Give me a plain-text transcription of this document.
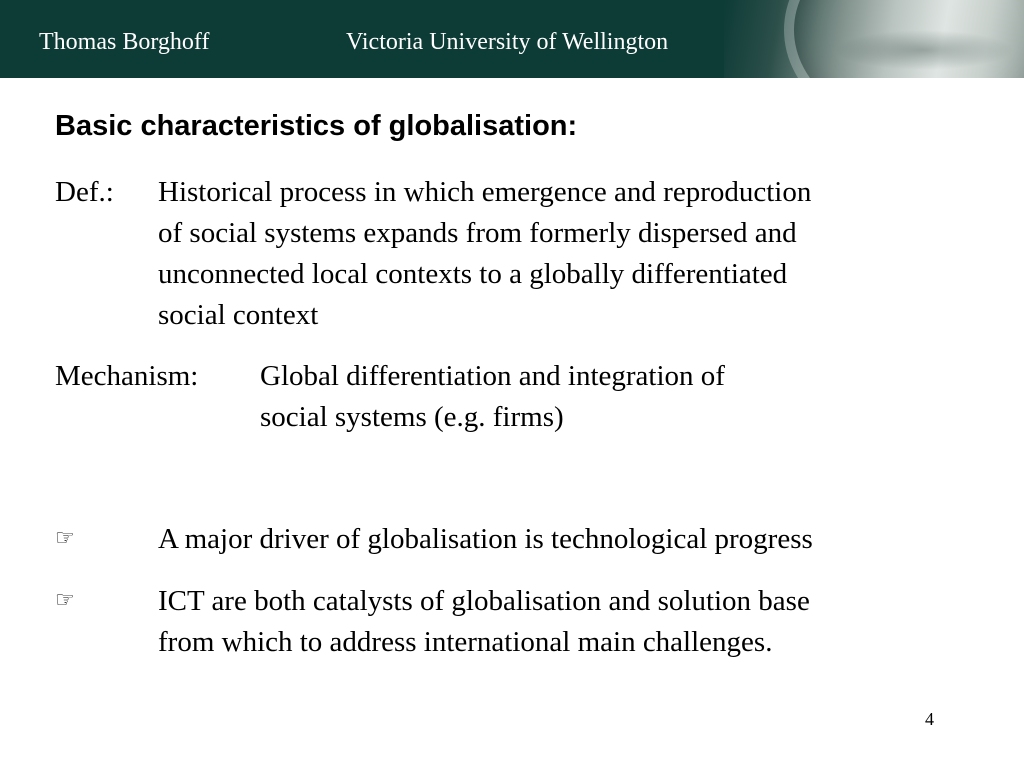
Thomas Borghoff	Victoria University of Wellington
Basic characteristics of globalisation:
Def.: Historical process in which emergence and reproduction
of social systems expands from formerly dispersed and
unconnected local contexts to a globally differentiated
social context
Mechanism: Global differentiation and integration of
social systems (e.g. firms)
☞	A major driver of globalisation is technological progress
☞	ICT are both catalysts of globalisation and solution base
from which to address international main challenges.
4
